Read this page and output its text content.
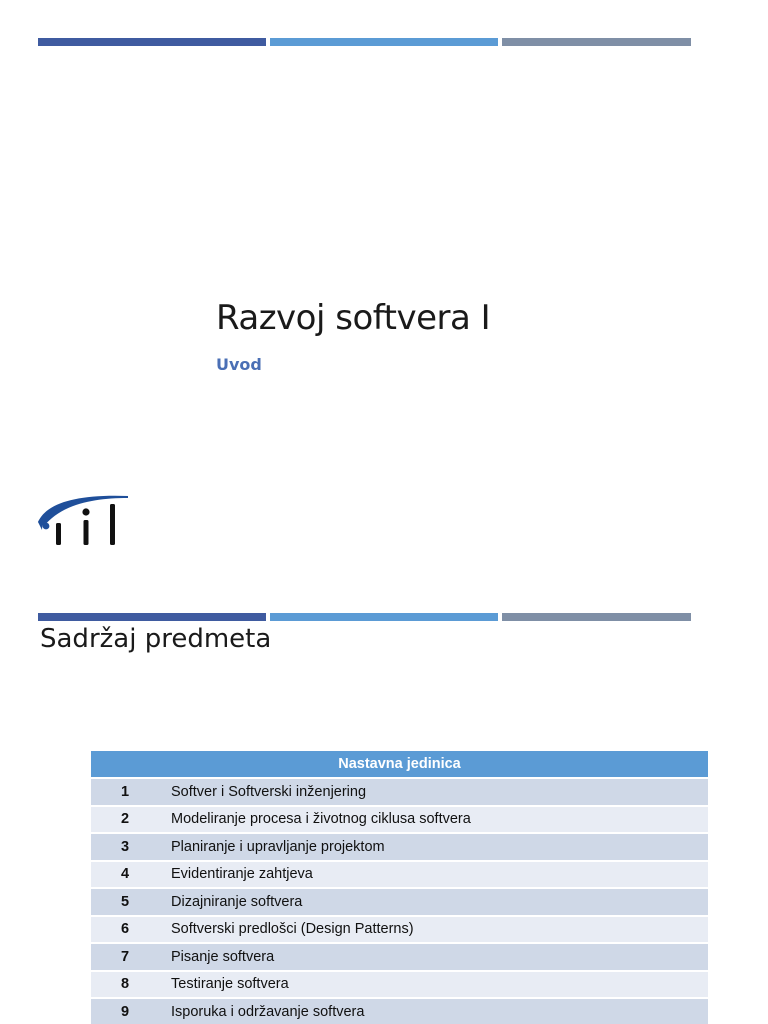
Razvoj softvera I
Uvod
Sadržaj predmeta
Nastavna jedinica	
1	Softver i Softverski inženjering
2	Modeliranje procesa i životnog ciklusa softvera
3	Planiranje i upravljanje projektom
4	Evidentiranje zahtjeva
5	Dizajniranje softvera
6	Softverski predlošci (Design Patterns)
7	Pisanje softvera
8	Testiranje softvera
9	Isporuka i održavanje softvera
